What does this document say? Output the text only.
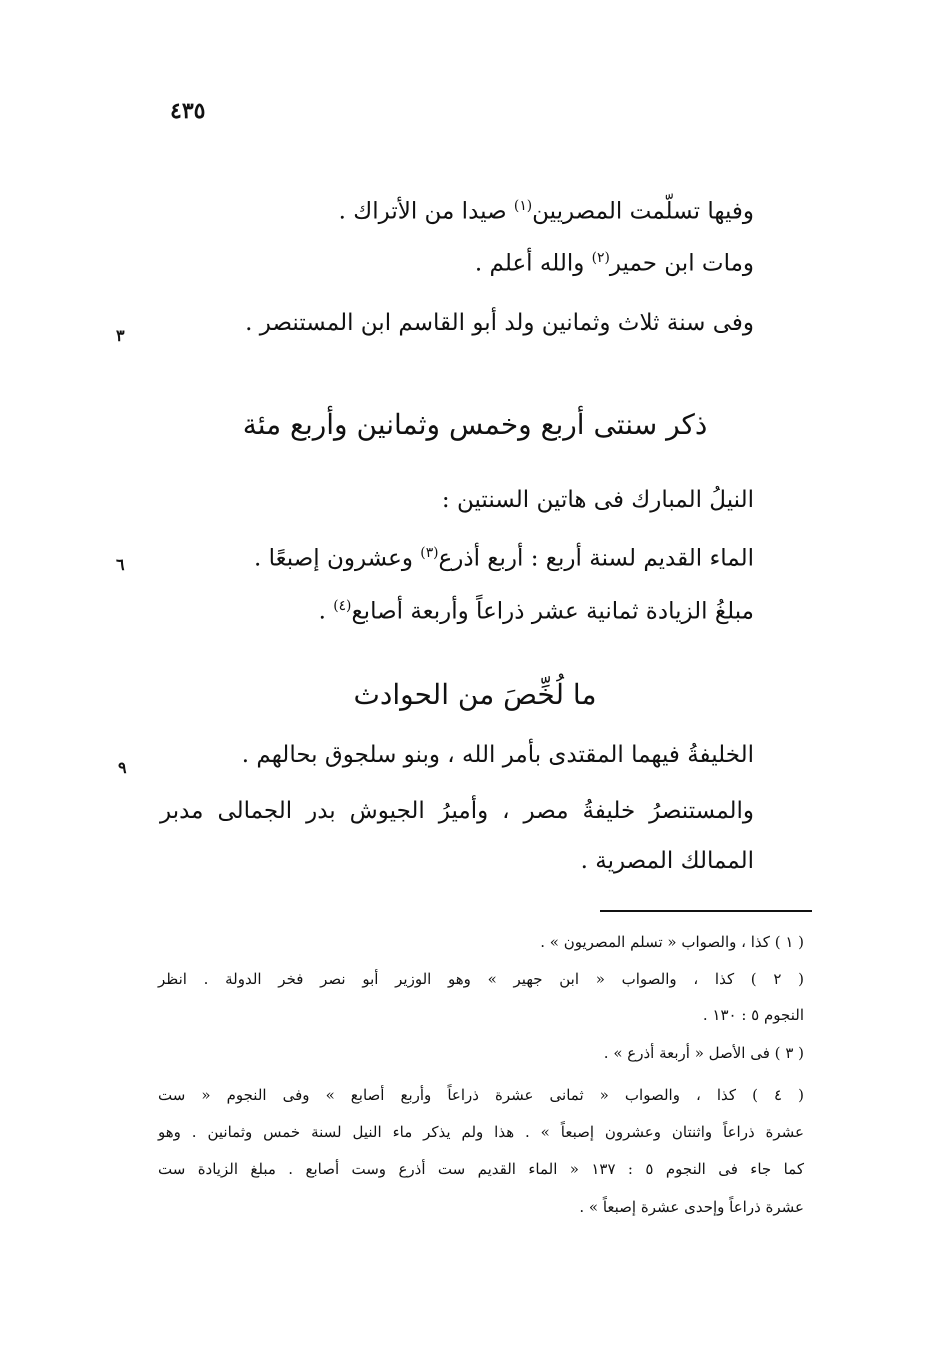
٤٣٥
وفيها تسلّمت المصريين$^{(١)}$ صيدا من الأتراك .
ومات ابن حمير$^{(٢)}$ والله أعلم .
وفى سنة ثلاث وثمانين ولد أبو القاسم ابن المستنصر .
٣
ذكر سنتى أربع وخمس وثمانين وأربع مئة
النيلُ المبارك فى هاتين السنتين :
الماء القديم لسنة أربع : أربع أذرع$^{(٣)}$ وعشرون إصبعًا .
٦
مبلغُ الزيادة ثمانية عشر ذراعاً وأربعة أصابع$^{(٤)}$ .
ما لُخِّصَ من الحوادث
الخليفةُ فيهما المقتدى بأمر الله ، وبنو سلجوق بحالهم .
٩
والمستنصرُ خليفةُ مصر ، وأميرُ الجيوش بدر الجمالى مدبر
الممالك المصرية .
( ١ ) كذا ، والصواب « تسلم المصريون » .
( ٢ ) كذا ، والصواب « ابن جهير » وهو الوزير أبو نصر فخر الدولة . انظر
النجوم ٥ : ١٣٠ .
( ٣ ) فى الأصل « أربعة أذرع » .
( ٤ ) كذا ، والصواب « ثمانى عشرة ذراعاً وأربع أصابع » وفى النجوم « ست
عشرة ذراعاً واثنتان وعشرون إصبعاً » . هذا ولم يذكر ماء النيل لسنة خمس وثمانين . وهو
كما جاء فى النجوم ٥ : ١٣٧ « الماء القديم ست أذرع وست أصابع . مبلغ الزيادة ست
عشرة ذراعاً وإحدى عشرة إصبعاً » .
